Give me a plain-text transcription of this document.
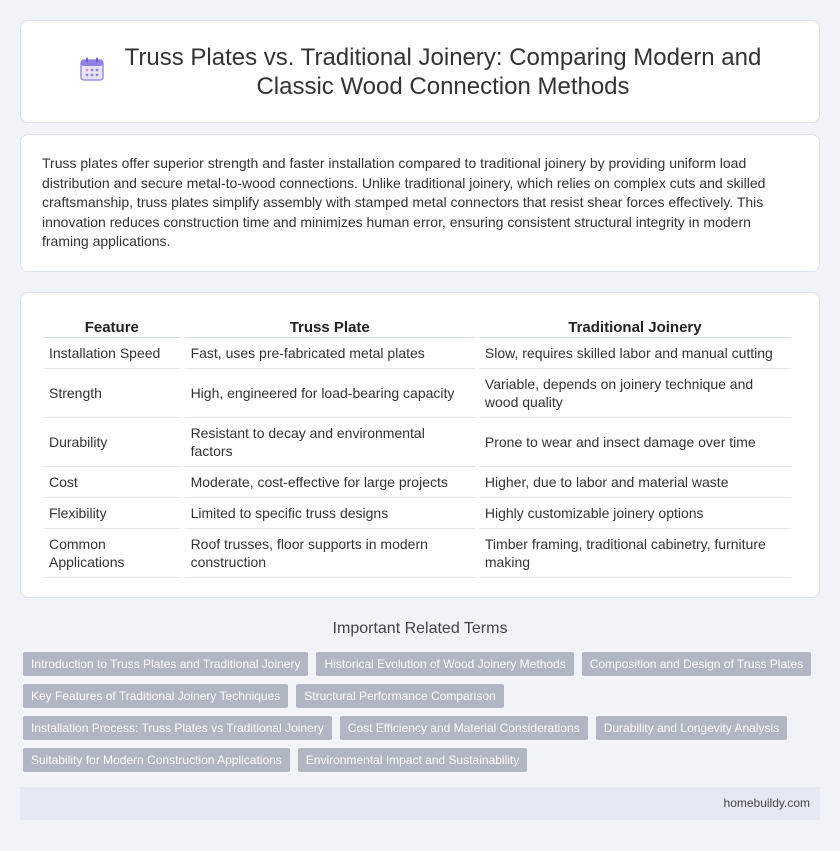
Truss Plates vs. Traditional Joinery: Comparing Modern and
Classic Wood Connection Methods

Truss plates offer superior strength and faster installation compared to traditional joinery by providing uniform load distribution and secure metal-to-wood connections. Unlike traditional joinery, which relies on complex cuts and skilled craftsmanship, truss plates simplify assembly with stamped metal connectors that resist shear forces effectively. This innovation reduces construction time and minimizes human error, ensuring consistent structural integrity in modern framing applications.

Feature	Truss Plate	Traditional Joinery
Installation Speed	Fast, uses pre-fabricated metal plates	Slow, requires skilled labor and manual cutting
Strength	High, engineered for load-bearing capacity	Variable, depends on joinery technique and wood quality
Durability	Resistant to decay and environmental factors	Prone to wear and insect damage over time
Cost	Moderate, cost-effective for large projects	Higher, due to labor and material waste
Flexibility	Limited to specific truss designs	Highly customizable joinery options
Common Applications	Roof trusses, floor supports in modern construction	Timber framing, traditional cabinetry, furniture making
Important Related Terms
Introduction to Truss Plates and Traditional Joinery	Historical Evolution of Wood Joinery Methods	Composition and Design of Truss Plates
Key Features of Traditional Joinery Techniques	Structural Performance Comparison
Installation Process: Truss Plates vs Traditional Joinery	Cost Efficiency and Material Considerations	Durability and Longevity Analysis
Suitability for Modern Construction Applications	Environmental Impact and Sustainability
homebuildy.com
